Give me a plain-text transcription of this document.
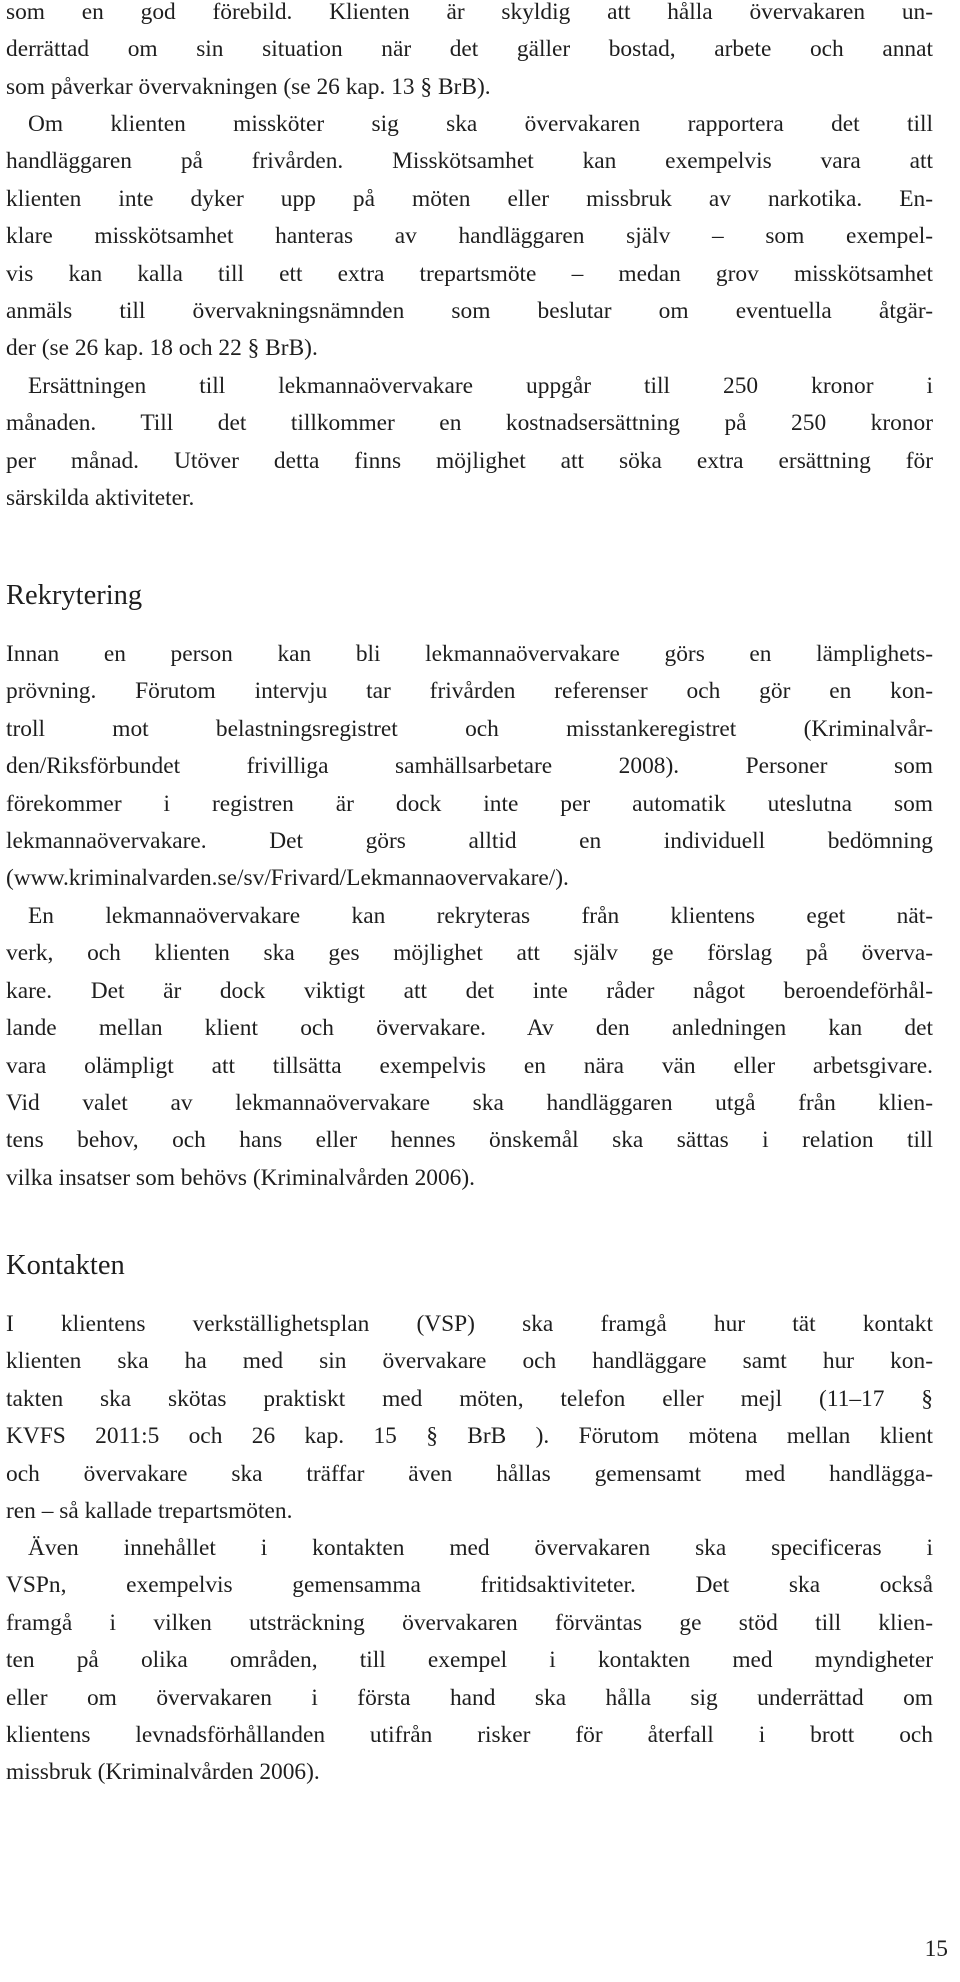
som en god förebild. Klienten är skyldig att hålla övervakaren un-
derrättad om sin situation när det gäller bostad, arbete och annat
som påverkar övervakningen (se 26 kap. 13 § BrB).
Om klienten missköter sig ska övervakaren rapportera det till
handläggaren på frivården. Misskötsamhet kan exempelvis vara att
klienten inte dyker upp på möten eller missbruk av narkotika. En-
klare misskötsamhet hanteras av handläggaren själv – som exempel-
vis kan kalla till ett extra trepartsmöte – medan grov misskötsamhet
anmäls till övervakningsnämnden som beslutar om eventuella åtgär-
der (se 26 kap. 18 och 22 § BrB).
Ersättningen till lekmannaövervakare uppgår till 250 kronor i
månaden. Till det tillkommer en kostnadsersättning på 250 kronor
per månad. Utöver detta finns möjlighet att söka extra ersättning för
särskilda aktiviteter.
Rekrytering
Innan en person kan bli lekmannaövervakare görs en lämplighets-
prövning. Förutom intervju tar frivården referenser och gör en kon-
troll mot belastningsregistret och misstankeregistret (Kriminalvår-
den/Riksförbundet frivilliga samhällsarbetare 2008). Personer som
förekommer i registren är dock inte per automatik uteslutna som
lekmannaövervakare. Det görs alltid en individuell bedömning
(www.kriminalvarden.se/sv/Frivard/Lekmannaovervakare/).
En lekmannaövervakare kan rekryteras från klientens eget nät-
verk, och klienten ska ges möjlighet att själv ge förslag på överva-
kare. Det är dock viktigt att det inte råder något beroendeförhål-
lande mellan klient och övervakare. Av den anledningen kan det
vara olämpligt att tillsätta exempelvis en nära vän eller arbetsgivare.
Vid valet av lekmannaövervakare ska handläggaren utgå från klien-
tens behov, och hans eller hennes önskemål ska sättas i relation till
vilka insatser som behövs (Kriminalvården 2006).
Kontakten
I klientens verkställighetsplan (VSP) ska framgå hur tät kontakt
klienten ska ha med sin övervakare och handläggare samt hur kon-
takten ska skötas praktiskt med möten, telefon eller mejl (11–17 §
KVFS 2011:5 och 26 kap. 15 § BrB ). Förutom mötena mellan klient
och övervakare ska träffar även hållas gemensamt med handlägga-
ren – så kallade trepartsmöten.
Även innehållet i kontakten med övervakaren ska specificeras i
VSPn, exempelvis gemensamma fritidsaktiviteter. Det ska också
framgå i vilken utsträckning övervakaren förväntas ge stöd till klien-
ten på olika områden, till exempel i kontakten med myndigheter
eller om övervakaren i första hand ska hålla sig underrättad om
klientens levnadsförhållanden utifrån risker för återfall i brott och
missbruk (Kriminalvården 2006).
15
